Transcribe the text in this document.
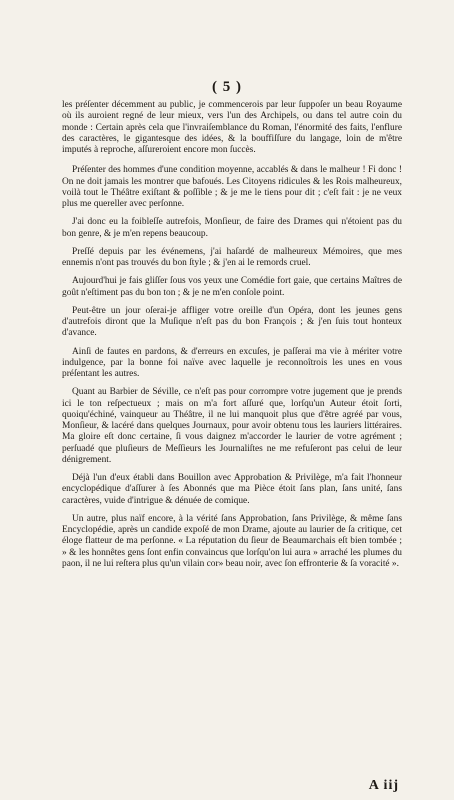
( 5 )

les préſenter décemment au public, je commencerois par leur ſuppoſer un beau Royaume où ils auroient regné de leur mieux, vers l'un des Archipels, ou dans tel autre coin du monde : Certain après cela que l'invraiſemblance du Roman, l'énormité des faits, l'enflure des caractères, le gigantesque des idées, & la bouffiſſure du langage, loin de m'être imputés à reproche, aſſureroient encore mon ſuccès.

Préſenter des hommes d'une condition moyenne, accablés & dans le malheur ! Fi donc ! On ne doit jamais les montrer que bafoués. Les Citoyens ridicules & les Rois malheureux, voilà tout le Théâtre exiſtant & poſſible ; & je me le tiens pour dit ; c'eſt fait : je ne veux plus me quereller avec perſonne.

J'ai donc eu la foibleſſe autrefois, Monſieur, de faire des Drames qui n'étoient pas du bon genre, & je m'en repens beaucoup.

Preſſé depuis par les événemens, j'ai haſardé de malheureux Mémoires, que mes ennemis n'ont pas trouvés du bon ſtyle ; & j'en ai le remords cruel.

Aujourd'hui je fais gliſſer ſous vos yeux une Comédie fort gaie, que certains Maîtres de goût n'eſtiment pas du bon ton ; & je ne m'en conſole point.

Peut-être un jour oſerai-je affliger votre oreille d'un Opéra, dont les jeunes gens d'autrefois diront que la Muſique n'eſt pas du bon François ; & j'en ſuis tout honteux d'avance.

Ainſi de fautes en pardons, & d'erreurs en excuſes, je paſſerai ma vie à mériter votre indulgence, par la bonne foi naïve avec laquelle je reconnoîtrois les unes en vous préſentant les autres.

Quant au Barbier de Séville, ce n'eſt pas pour corrompre votre jugement que je prends ici le ton reſpectueux ; mais on m'a fort aſſuré que, lorſqu'un Auteur étoit ſorti, quoiqu'échiné, vainqueur au Théâtre, il ne lui manquoit plus que d'être agréé par vous, Monſieur, & lacéré dans quelques Journaux, pour avoir obtenu tous les lauriers littéraires. Ma gloire eſt donc certaine, ſi vous daignez m'accorder le laurier de votre agrément ; perſuadé que pluſieurs de Meſſieurs les Journaliſtes ne me refuſeront pas celui de leur dénigrement.

Déjà l'un d'eux établi dans Bouillon avec Approbation & Privilège, m'a fait l'honneur encyclopédique d'aſſurer à ſes Abonnés que ma Pièce étoit ſans plan, ſans unité, ſans caractères, vuide d'intrigue & dénuée de comique.

Un autre, plus naïf encore, à la vérité ſans Approbation, ſans Privilège, & même ſans Encyclopédie, après un candide expoſé de mon Drame, ajoute au laurier de ſa critique, cet éloge flatteur de ma perſonne. « La réputation du ſieur de Beaumarchais eſt bien tombée ; » & les honnêtes gens ſont enfin convaincus que lorſqu'on lui aura » arraché les plumes du paon, il ne lui reſtera plus qu'un vilain cor» beau noir, avec ſon effronterie & ſa voracité ».

A iij
